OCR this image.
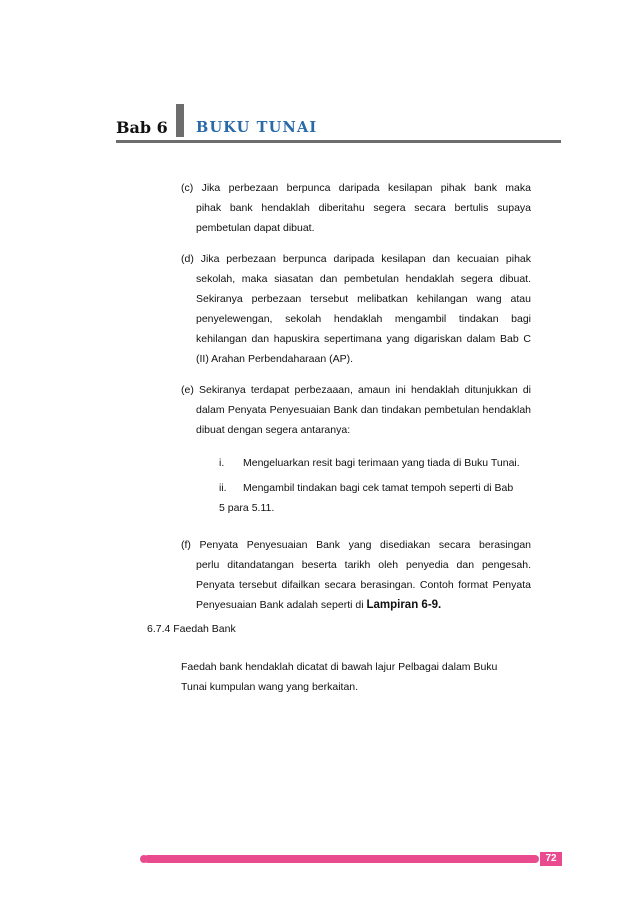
Bab 6 BUKU TUNAI
(c) Jika perbezaan berpunca daripada kesilapan pihak bank maka
pihak bank hendaklah diberitahu segera secara bertulis supaya pembetulan dapat dibuat.
(d) Jika perbezaan berpunca daripada kesilapan dan kecuaian pihak
sekolah, maka siasatan dan pembetulan hendaklah segera dibuat. Sekiranya perbezaan tersebut melibatkan kehilangan wang atau penyelewengan, sekolah hendaklah mengambil tindakan bagi kehilangan dan hapuskira sepertimana yang digariskan dalam Bab C (II) Arahan Perbendaharaan (AP).
(e) Sekiranya terdapat perbezaaan, amaun ini hendaklah ditunjukkan di
dalam Penyata Penyesuaian Bank dan tindakan pembetulan hendaklah dibuat dengan segera antaranya:
i. Mengeluarkan resit bagi terimaan yang tiada di Buku Tunai.
ii. Mengambil tindakan bagi cek tamat tempoh seperti di Bab
5 para 5.11.
(f) Penyata Penyesuaian Bank yang disediakan secara berasingan
perlu ditandatangan beserta tarikh oleh penyedia dan pengesah. Penyata tersebut difailkan secara berasingan. Contoh format Penyata Penyesuaian Bank adalah seperti di Lampiran 6-9.
6.7.4 Faedah Bank
Faedah bank hendaklah dicatat di bawah lajur Pelbagai dalam Buku Tunai kumpulan wang yang berkaitan.
72
